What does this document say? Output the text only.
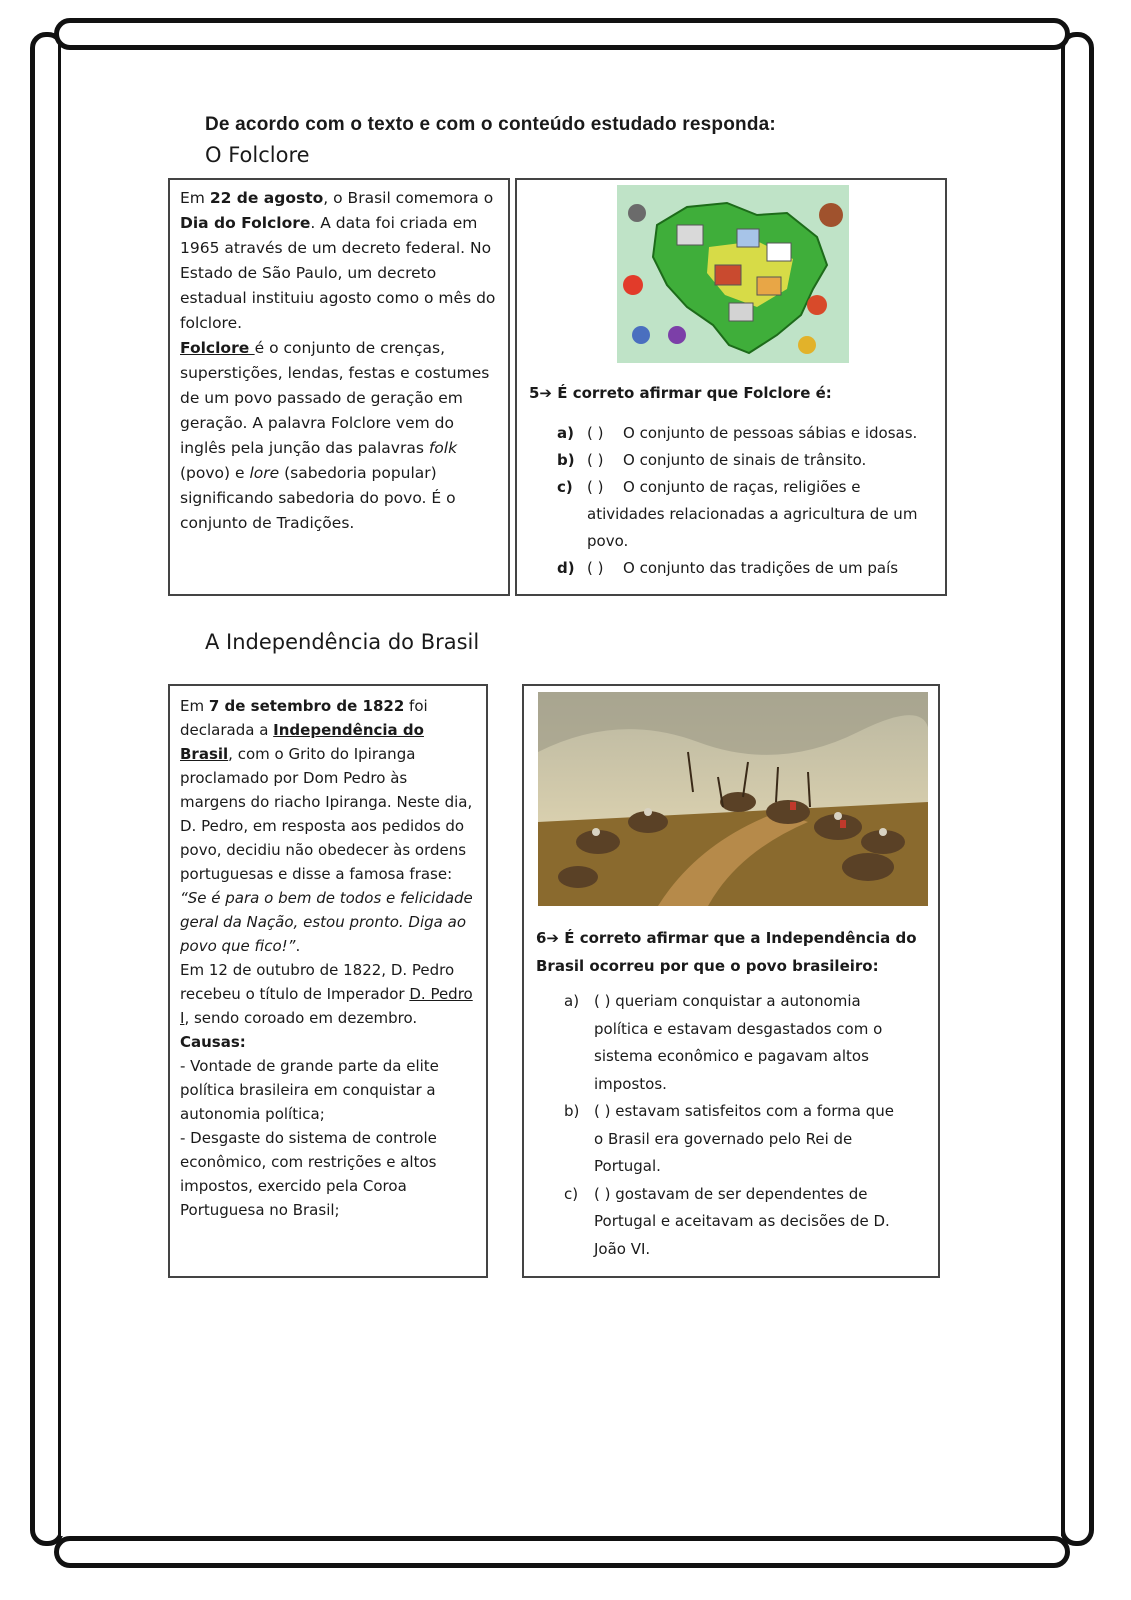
De acordo com o texto e com o conteúdo estudado responda:
O Folclore

Em 22 de agosto, o Brasil comemora o Dia do Folclore. A data foi criada em 1965 através de um decreto federal. No Estado de São Paulo, um decreto estadual instituiu agosto como o mês do folclore.

Folclore é o conjunto de crenças, superstições, lendas, festas e costumes de um povo passado de geração em geração. A palavra Folclore vem do inglês pela junção das palavras folk (povo) e lore (sabedoria popular) significando sabedoria do povo. É o conjunto de Tradições.

5➔ É correto afirmar que Folclore é:
a) ( )	O conjunto de pessoas sábias e idosas.
b) ( )	O conjunto de sinais de trânsito.
c) ( )	O conjunto de raças, religiões e
atividades relacionadas a agricultura de um
povo.
d) ( )	O conjunto das tradições de um país
A Independência do Brasil

Em 7 de setembro de 1822 foi declarada a Independência do Brasil, com o Grito do Ipiranga proclamado por Dom Pedro às margens do riacho Ipiranga. Neste dia, D. Pedro, em resposta aos pedidos do povo, decidiu não obedecer às ordens portuguesas e disse a famosa frase: “Se é para o bem de todos e felicidade geral da Nação, estou pronto. Diga ao povo que fico!”.

Em 12 de outubro de 1822, D. Pedro recebeu o título de Imperador D. Pedro I, sendo coroado em dezembro.

Causas:

- Vontade de grande parte da elite política brasileira em conquistar a autonomia política;

- Desgaste do sistema de controle econômico, com restrições e altos impostos, exercido pela Coroa Portuguesa no Brasil;

6➔ É correto afirmar que a Independência do
Brasil ocorreu por que o povo brasileiro:
a) ( ) queriam conquistar a autonomia
política e estavam desgastados com o
sistema econômico e pagavam altos
impostos.
b) ( ) estavam satisfeitos com a forma que
o Brasil era governado pelo Rei de
Portugal.
c)	( ) gostavam de ser dependentes de
Portugal e aceitavam as decisões de D.
João VI.
